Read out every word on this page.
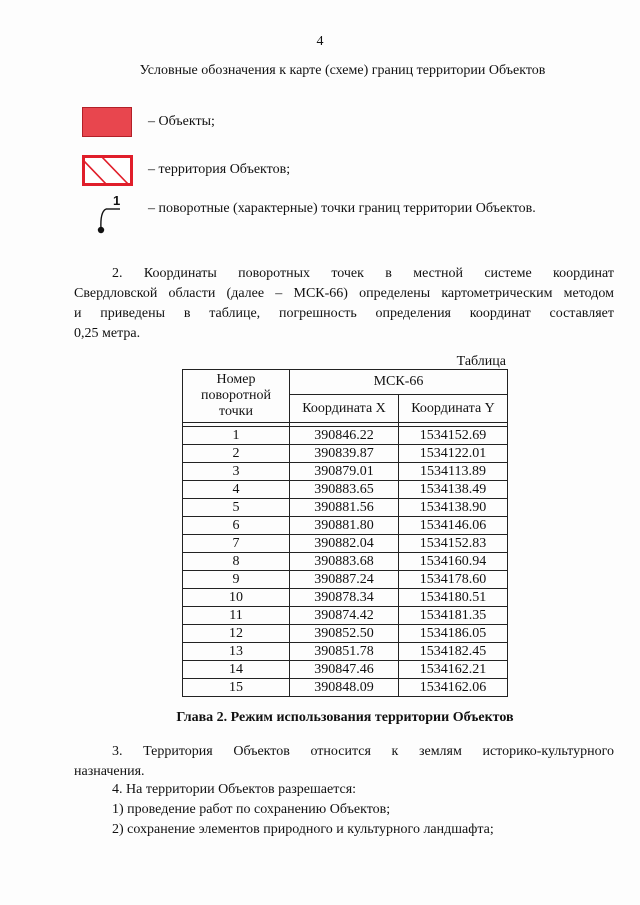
4
Условные обозначения к карте (схеме) границ территории Объектов
– Объекты;
– территория Объектов;
1
– поворотные (характерные) точки границ территории Объектов.
2. Координаты поворотных точек в местной системе координат
Свердловской области (далее – МСК-66) определены картометрическим методом
и приведены в таблице, погрешность определения координат составляет
0,25 метра.
Таблица
Номер
поворотной
точки	МСК-66	
	Координата X	Координата Y

1	390846.22	1534152.69
2	390839.87	1534122.01
3	390879.01	1534113.89
4	390883.65	1534138.49
5	390881.56	1534138.90
6	390881.80	1534146.06
7	390882.04	1534152.83
8	390883.68	1534160.94
9	390887.24	1534178.60
10	390878.34	1534180.51
11	390874.42	1534181.35
12	390852.50	1534186.05
13	390851.78	1534182.45
14	390847.46	1534162.21
15	390848.09	1534162.06
Глава 2. Режим использования территории Объектов
3. Территория Объектов относится к землям историко-культурного
назначения.
4. На территории Объектов разрешается:
1) проведение работ по сохранению Объектов;
2) сохранение элементов природного и культурного ландшафта;
